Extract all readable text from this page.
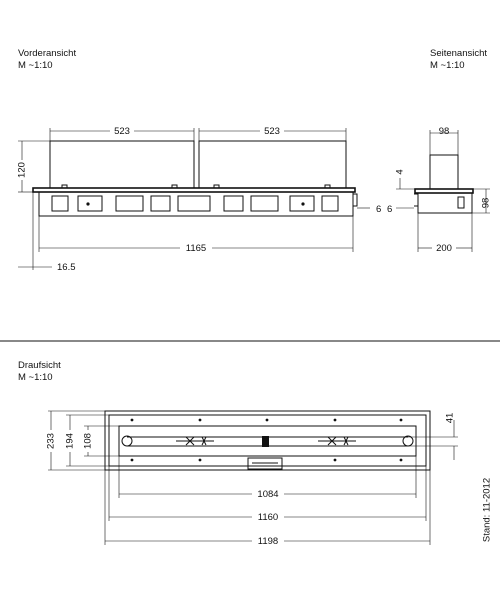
Vorderansicht
M ~1:10
Seitenansicht
M ~1:10
Draufsicht
M ~1:10
523	523
120
1165
16.5
6
98
4
98
6
200
233 194 108
41
1084
1160
1198	Stand: 11-2012
